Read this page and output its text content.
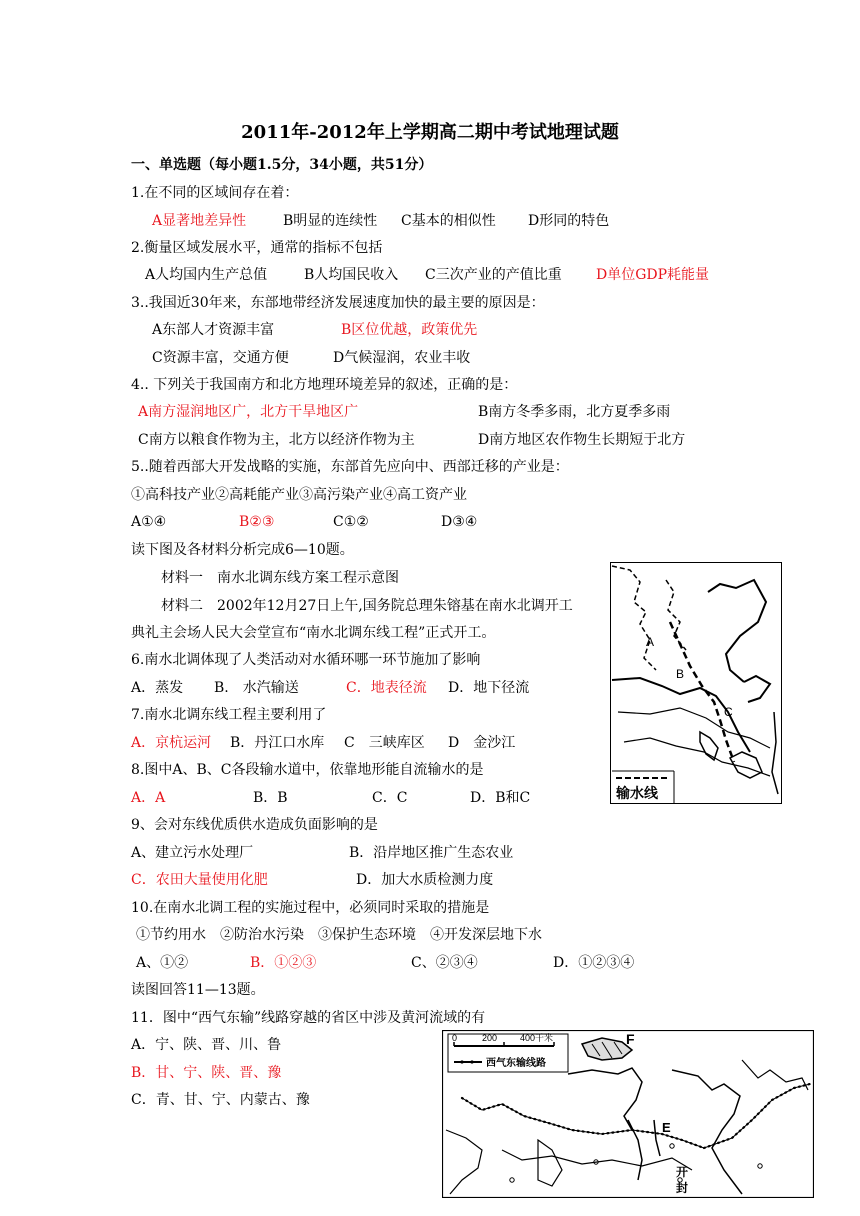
2011年-2012年上学期高二期中考试地理试题
一、单选题（每小题1.5分，34小题，共51分）
1.在不同的区域间存在着：
A显著地差异性	B明显的连续性 C基本的相似性 D形同的特色
2.衡量区域发展水平，通常的指标不包括
A人均国内生产总值	B人均国民收入 C三次产业的产值比重 D单位GDP耗能量
3..我国近30年来，东部地带经济发展速度加快的最主要的原因是：
A东部人才资源丰富	B区位优越，政策优先
C资源丰富，交通方便	D气候湿润，农业丰收
4.. 下列关于我国南方和北方地理环境差异的叙述，正确的是：
A南方湿润地区广，北方干旱地区广	B南方冬季多雨，北方夏季多雨
C南方以粮食作物为主，北方以经济作物为主	D南方地区农作物生长期短于北方
5..随着西部大开发战略的实施，东部首先应向中、西部迁移的产业是：
①高科技产业②高耗能产业③高污染产业④高工资产业
A①④	B②③	C①②	D③④
读下图及各材料分析完成6—10题。
材料一　南水北调东线方案工程示意图
材料二　2002年12月27日上午,国务院总理朱镕基在南水北调开工
典礼主会场人民大会堂宣布“南水北调东线工程”正式开工。
A
B
C
输水线
6.南水北调体现了人类活动对水循环哪一环节施加了影响
A．蒸发 B.　水汽输送	C．地表径流 D．地下径流
7.南水北调东线工程主要利用了
A．京杭运河 B．丹江口水库 C　三峡库区 D　金沙江
8.图中A、B、C各段输水道中，依靠地形能自流输水的是
A．A	B．B	C．C	D．B和C
9、会对东线优质供水造成负面影响的是
A、建立污水处理厂	B．沿岸地区推广生态农业
C．农田大量使用化肥	D．加大水质检测力度
10.在南水北调工程的实施过程中，必须同时采取的措施是
①节约用水　②防治水污染　③保护生态环境　④开发深层地下水
A、①②	B．①②③	C、②③④	D．①②③④
读图回答11—13题。
11．图中“西气东输”线路穿越的省区中涉及黄河流域的有
A．宁、陕、晋、川、鲁
B．甘、宁、陕、晋、豫
C．青、甘、宁、内蒙古、豫
0	200	400千米
西气东输线路
F
E
开
封
